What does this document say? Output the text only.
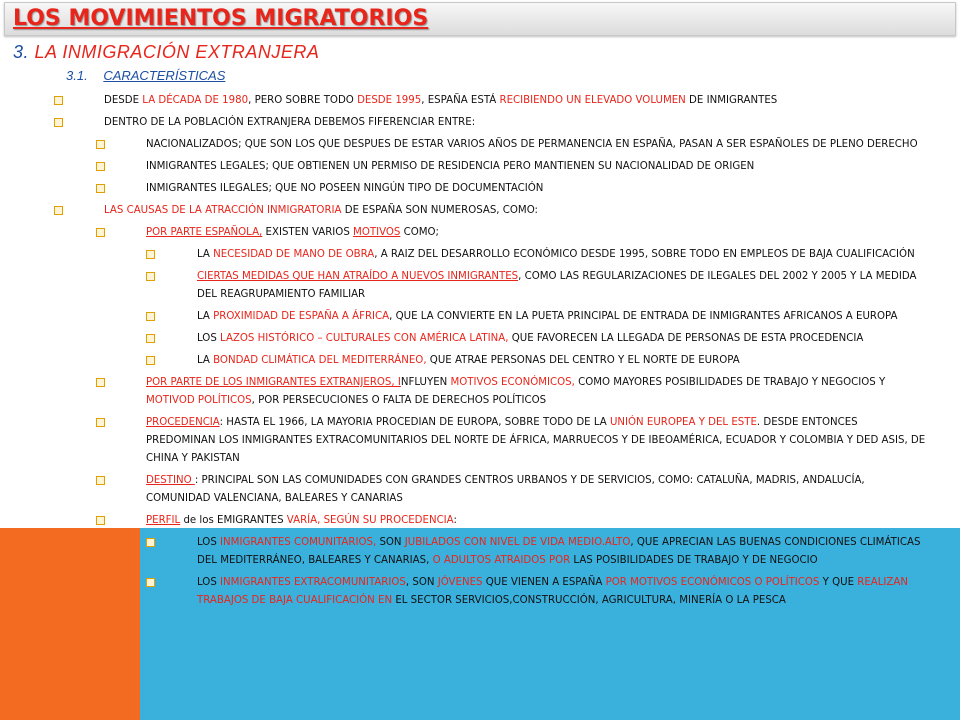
LOS MOVIMIENTOS MIGRATORIOS
3. LA INMIGRACIÓN EXTRANJERA
3.1. CARACTERÍSTICAS
DESDE LA DÉCADA DE 1980, PERO SOBRE TODO DESDE 1995, ESPAÑA ESTÁ RECIBIENDO UN ELEVADO VOLUMEN DE INMIGRANTES
DENTRO DE LA POBLACIÓN EXTRANJERA DEBEMOS FIFERENCIAR ENTRE:
NACIONALIZADOS; QUE SON LOS QUE DESPUES DE ESTAR VARIOS AÑOS DE PERMANENCIA EN ESPAÑA, PASAN A SER ESPAÑOLES DE PLENO DERECHO
INMIGRANTES LEGALES; QUE OBTIENEN UN PERMISO DE RESIDENCIA PERO MANTIENEN SU NACIONALIDAD DE ORIGEN
INMIGRANTES ILEGALES; QUE NO POSEEN NINGÚN TIPO DE DOCUMENTACIÓN
LAS CAUSAS DE LA ATRACCIÓN INMIGRATORIA DE ESPAÑA SON NUMEROSAS, COMO:
POR PARTE ESPAÑOLA, EXISTEN VARIOS MOTIVOS COMO;
LA NECESIDAD DE MANO DE OBRA, A RAIZ DEL DESARROLLO ECONÓMICO DESDE 1995, SOBRE TODO EN EMPLEOS DE BAJA CUALIFICACIÓN
CIERTAS MEDIDAS QUE HAN ATRAÍDO A NUEVOS INMIGRANTES, COMO LAS REGULARIZACIONES DE ILEGALES DEL 2002 Y 2005 Y LA MEDIDA DEL REAGRUPAMIENTO FAMILIAR
LA PROXIMIDAD DE ESPAÑA A ÁFRICA, QUE LA CONVIERTE EN LA PUETA PRINCIPAL DE ENTRADA DE INMIGRANTES AFRICANOS A EUROPA
LOS LAZOS HISTÓRICO – CULTURALES CON AMÉRICA LATINA, QUE FAVORECEN LA LLEGADA DE PERSONAS DE ESTA PROCEDENCIA
LA BONDAD CLIMÁTICA DEL MEDITERRÁNEO, QUE ATRAE PERSONAS DEL CENTRO Y EL NORTE DE EUROPA
POR PARTE DE LOS INMIGRANTES EXTRANJEROS, INFLUYEN MOTIVOS ECONÓMICOS, COMO MAYORES POSIBILIDADES DE TRABAJO Y NEGOCIOS Y MOTIVOD POLÍTICOS, POR PERSECUCIONES O FALTA DE DERECHOS POLÍTICOS
PROCEDENCIA: HASTA EL 1966, LA MAYORIA PROCEDIAN DE EUROPA, SOBRE TODO DE LA UNIÓN EUROPEA Y DEL ESTE. DESDE ENTONCES PREDOMINAN LOS INMIGRANTES EXTRACOMUNITARIOS DEL NORTE DE ÁFRICA, MARRUECOS Y DE IBEOAMÉRICA, ECUADOR Y COLOMBIA Y DED ASIS, DE CHINA Y PAKISTAN
DESTINO : PRINCIPAL SON LAS COMUNIDADES CON GRANDES CENTROS URBANOS Y DE SERVICIOS, COMO: CATALUÑA, MADRIS, ANDALUCÍA, COMUNIDAD VALENCIANA, BALEARES Y CANARIAS
PERFIL de los EMIGRANTES VARÍA, SEGÚN SU PROCEDENCIA:
LOS INMIGRANTES COMUNITARIOS, SON JUBILADOS CON NIVEL DE VIDA MEDIO.ALTO, QUE APRECIAN LAS BUENAS CONDICIONES CLIMÁTICAS DEL MEDITERRÁNEO, BALEARES Y CANARIAS, O ADULTOS ATRAIDOS POR LAS POSIBILIDADES DE TRABAJO Y DE NEGOCIO
LOS INMIGRANTES EXTRACOMUNITARIOS, SON JÓVENES QUE VIENEN A ESPAÑA POR MOTIVOS ECONÓMICOS O POLÍTICOS Y QUE REALIZAN TRABAJOS DE BAJA CUALIFICACIÓN EN EL SECTOR SERVICIOS,CONSTRUCCIÓN, AGRICULTURA, MINERÍA O LA PESCA
